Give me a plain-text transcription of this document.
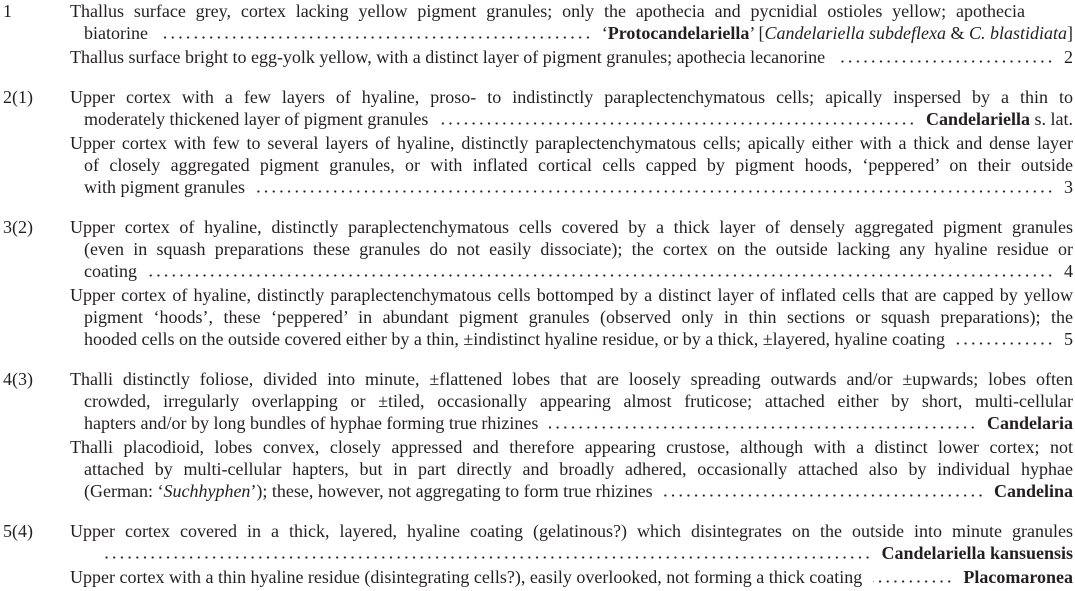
1	Thallus surface grey, cortex lacking yellow pigment granules; only the apothecia and pycnidial ostioles yellow; apothecia
biatorine	‘Protocandelariella’ [Candelariella subdeflexa & C. blastidiata]
Thallus surface bright to egg-yolk yellow, with a distinct layer of pigment granules; apothecia lecanorine	2
2(1) Upper cortex with a few layers of hyaline, proso- to indistinctly paraplectenchymatous cells; apically inspersed by a thin to
moderately thickened layer of pigment granules	Candelariella s. lat.
Upper cortex with few to several layers of hyaline, distinctly paraplectenchymatous cells; apically either with a thick and dense layer
of closely aggregated pigment granules, or with inflated cortical cells capped by pigment hoods, ‘peppered’ on their outside
with pigment granules	3
3(2) Upper cortex of hyaline, distinctly paraplectenchymatous cells covered by a thick layer of densely aggregated pigment granules
(even in squash preparations these granules do not easily dissociate); the cortex on the outside lacking any hyaline residue or
coating	4
Upper cortex of hyaline, distinctly paraplectenchymatous cells bottomped by a distinct layer of inflated cells that are capped by yellow
pigment ‘hoods’, these ‘peppered’ in abundant pigment granules (observed only in thin sections or squash preparations); the
hooded cells on the outside covered either by a thin, ±indistinct hyaline residue, or by a thick, ±layered, hyaline coating	5
4(3) Thalli distinctly foliose, divided into minute, ±flattened lobes that are loosely spreading outwards and/or ±upwards; lobes often
crowded, irregularly overlapping or ±tiled, occasionally appearing almost fruticose; attached either by short, multi-cellular
hapters and/or by long bundles of hyphae forming true rhizines	Candelaria
Thalli placodioid, lobes convex, closely appressed and therefore appearing crustose, although with a distinct lower cortex; not
attached by multi-cellular hapters, but in part directly and broadly adhered, occasionally attached also by individual hyphae
(German: ‘Suchhyphen’); these, however, not aggregating to form true rhizines	Candelina
5(4) Upper cortex covered in a thick, layered, hyaline coating (gelatinous?) which disintegrates on the outside into minute granules
Candelariella kansuensis
Upper cortex with a thin hyaline residue (disintegrating cells?), easily overlooked, not forming a thick coating	Placomaronea
